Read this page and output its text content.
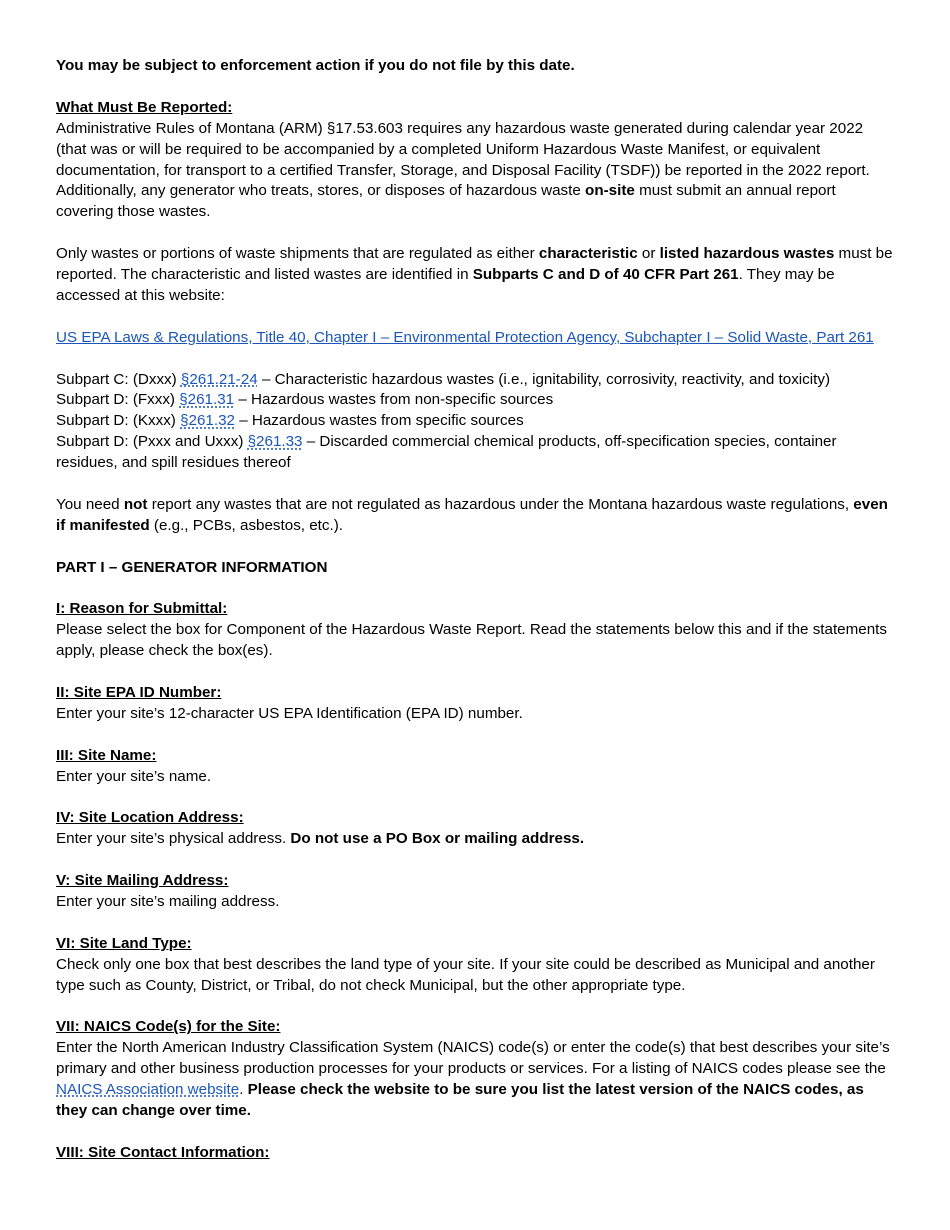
You may be subject to enforcement action if you do not file by this date.

What Must Be Reported:

Administrative Rules of Montana (ARM) §17.53.603 requires any hazardous waste generated during calendar year 2022 (that was or will be required to be accompanied by a completed Uniform Hazardous Waste Manifest, or equivalent documentation, for transport to a certified Transfer, Storage, and Disposal Facility (TSDF)) be reported in the 2022 report. Additionally, any generator who treats, stores, or disposes of hazardous waste on-site must submit an annual report covering those wastes.

Only wastes or portions of waste shipments that are regulated as either characteristic or listed hazardous wastes must be reported. The characteristic and listed wastes are identified in Subparts C and D of 40 CFR Part 261. They may be accessed at this website:

US EPA Laws & Regulations, Title 40, Chapter I – Environmental Protection Agency, Subchapter I – Solid Waste, Part 261

Subpart C: (Dxxx) §261.21-24 – Characteristic hazardous wastes (i.e., ignitability, corrosivity, reactivity, and toxicity)

Subpart D: (Fxxx) §261.31 – Hazardous wastes from non-specific sources

Subpart D: (Kxxx) §261.32 – Hazardous wastes from specific sources

Subpart D: (Pxxx and Uxxx) §261.33 – Discarded commercial chemical products, off-specification species, container residues, and spill residues thereof

You need not report any wastes that are not regulated as hazardous under the Montana hazardous waste regulations, even if manifested (e.g., PCBs, asbestos, etc.).

PART I – GENERATOR INFORMATION

I: Reason for Submittal:

Please select the box for Component of the Hazardous Waste Report. Read the statements below this and if the statements apply, please check the box(es).

II: Site EPA ID Number:

Enter your site’s 12-character US EPA Identification (EPA ID) number.

III: Site Name:

Enter your site’s name.

IV: Site Location Address:

Enter your site’s physical address. Do not use a PO Box or mailing address.

V: Site Mailing Address:

Enter your site’s mailing address.

VI: Site Land Type:

Check only one box that best describes the land type of your site. If your site could be described as Municipal and another type such as County, District, or Tribal, do not check Municipal, but the other appropriate type.

VII: NAICS Code(s) for the Site:

Enter the North American Industry Classification System (NAICS) code(s) or enter the code(s) that best describes your site’s primary and other business production processes for your products or services. For a listing of NAICS codes please see the NAICS Association website. Please check the website to be sure you list the latest version of the NAICS codes, as they can change over time.

VIII: Site Contact Information:
